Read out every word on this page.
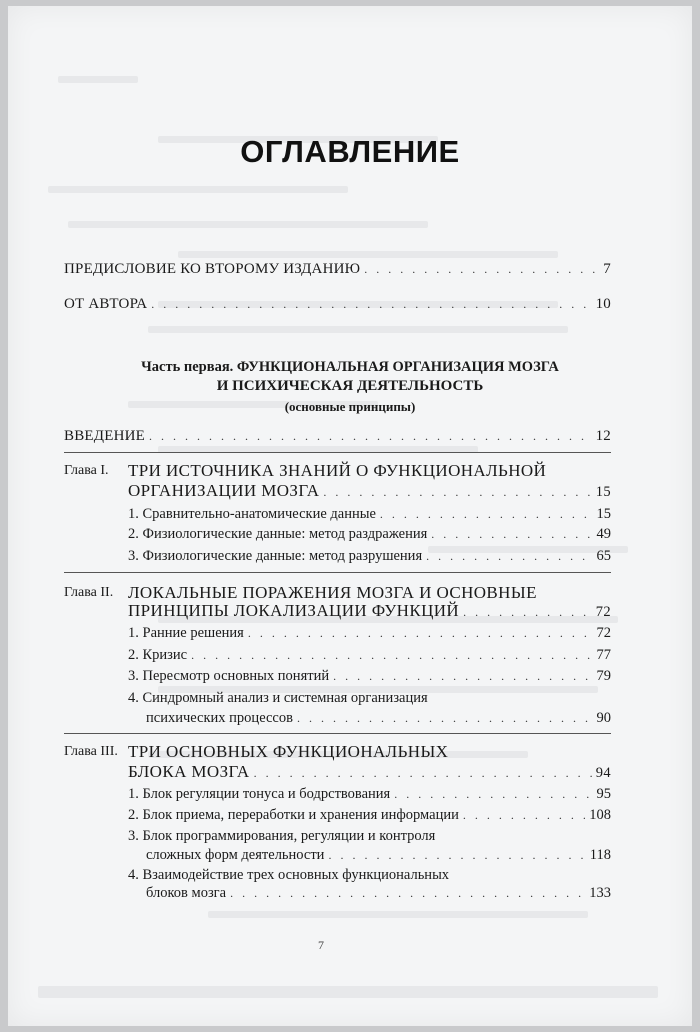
ОГЛАВЛЕНИЕ
ПРЕДИСЛОВИЕ КО ВТОРОМУ ИЗДАНИЮ . . .	7
ОТ АВТОРА . . .	10
Часть первая. ФУНКЦИОНАЛЬНАЯ ОРГАНИЗАЦИЯ МОЗГА
И ПСИХИЧЕСКАЯ ДЕЯТЕЛЬНОСТЬ
(основные принципы)
ВВЕДЕНИЕ . . .	12
Глава I. ТРИ ИСТОЧНИКА ЗНАНИЙ О ФУНКЦИОНАЛЬНОЙ
ОРГАНИЗАЦИИ МОЗГА . . .	15
1. Сравнительно-анатомические данные . . .	15
2. Физиологические данные: метод раздражения . . .	49
3. Физиологические данные: метод разрушения . . .	65
Глава II. ЛОКАЛЬНЫЕ ПОРАЖЕНИЯ МОЗГА И ОСНОВНЫЕ
ПРИНЦИПЫ ЛОКАЛИЗАЦИИ ФУНКЦИЙ . . .	72
1. Ранние решения . . .	72
2. Кризис . . .	77
3. Пересмотр основных понятий . . .	79
4. Синдромный анализ и системная организация
психических процессов . . .	90
Глава III. ТРИ ОСНОВНЫХ ФУНКЦИОНАЛЬНЫХ
БЛОКА МОЗГА . . .	94
1. Блок регуляции тонуса и бодрствования . . .	95
2. Блок приема, переработки и хранения информации . . .	108
3. Блок программирования, регуляции и контроля
сложных форм деятельности . . .	118
4. Взаимодействие трех основных функциональных
блоков мозга . . .	133
7
